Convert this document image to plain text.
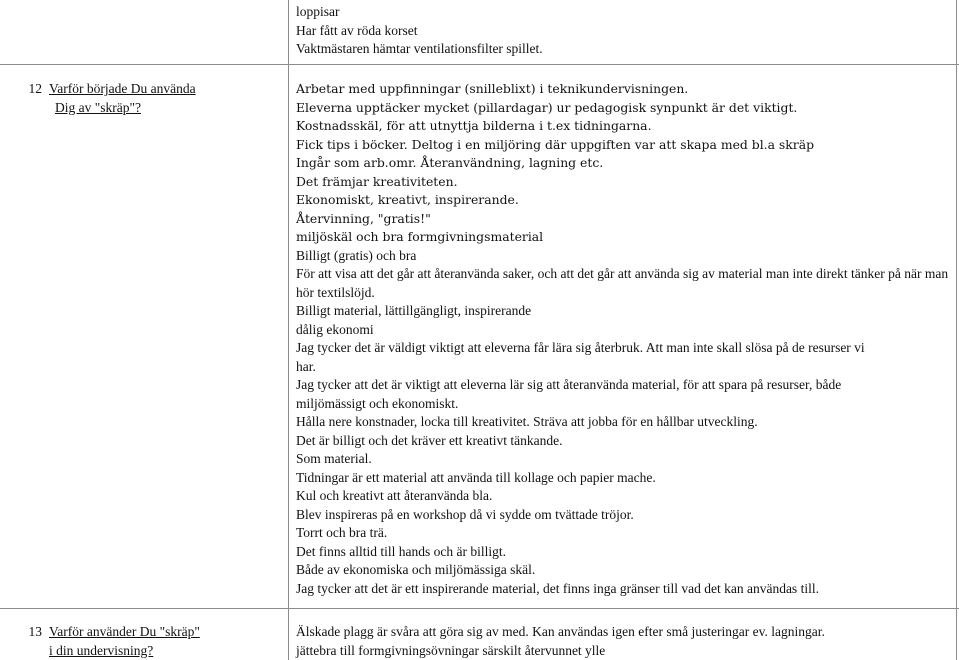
loppisar
Har fått av röda korset
Vaktmästaren hämtar ventilationsfilter spillet.
12 Varför började Du använda
Dig av "skräp"?
Arbetar med uppfinningar (snilleblixt) i teknikundervisningen.
Eleverna upptäcker mycket (pillardagar) ur pedagogisk synpunkt är det viktigt.
Kostnadsskäl, för att utnyttja bilderna i t.ex tidningarna.
Fick tips i böcker. Deltog i en miljöring där uppgiften var att skapa med bl.a skräp
Ingår som arb.omr. Återanvändning, lagning etc.
Det främjar kreativiteten.
Ekonomiskt, kreativt, inspirerande.
Återvinning, "gratis!"
miljöskäl och bra formgivningsmaterial
Billigt (gratis) och bra
För att visa att det går att återanvända saker, och att det går att använda sig av material man inte direkt tänker på när man hör textilslöjd.
Billigt material, lättillgängligt, inspirerande
dålig ekonomi
Jag tycker det är väldigt viktigt att eleverna får lära sig återbruk. Att man inte skall slösa på de resurser vi har.
Jag tycker att det är viktigt att eleverna lär sig att återanvända material, för att spara på resurser, både miljömässigt och ekonomiskt.
Hålla nere konstnader, locka till kreativitet. Sträva att jobba för en hållbar utveckling.
Det är billigt och det kräver ett kreativt tänkande.
Som material.
Tidningar är ett material att använda till kollage och papier mache.
Kul och kreativt att återanvända bla.
Blev inspireras på en workshop då vi sydde om tvättade tröjor.
Torrt och bra trä.
Det finns alltid till hands och är billigt.
Både av ekonomiska och miljömässiga skäl.
Jag tycker att det är ett inspirerande material, det finns inga gränser till vad det kan användas till.
13 Varför använder Du "skräp"
i din undervisning?
Älskade plagg är svåra att göra sig av med. Kan användas igen efter små justeringar ev. lagningar.
jättebra till formgivningsövningar särskilt återvunnet ylle
